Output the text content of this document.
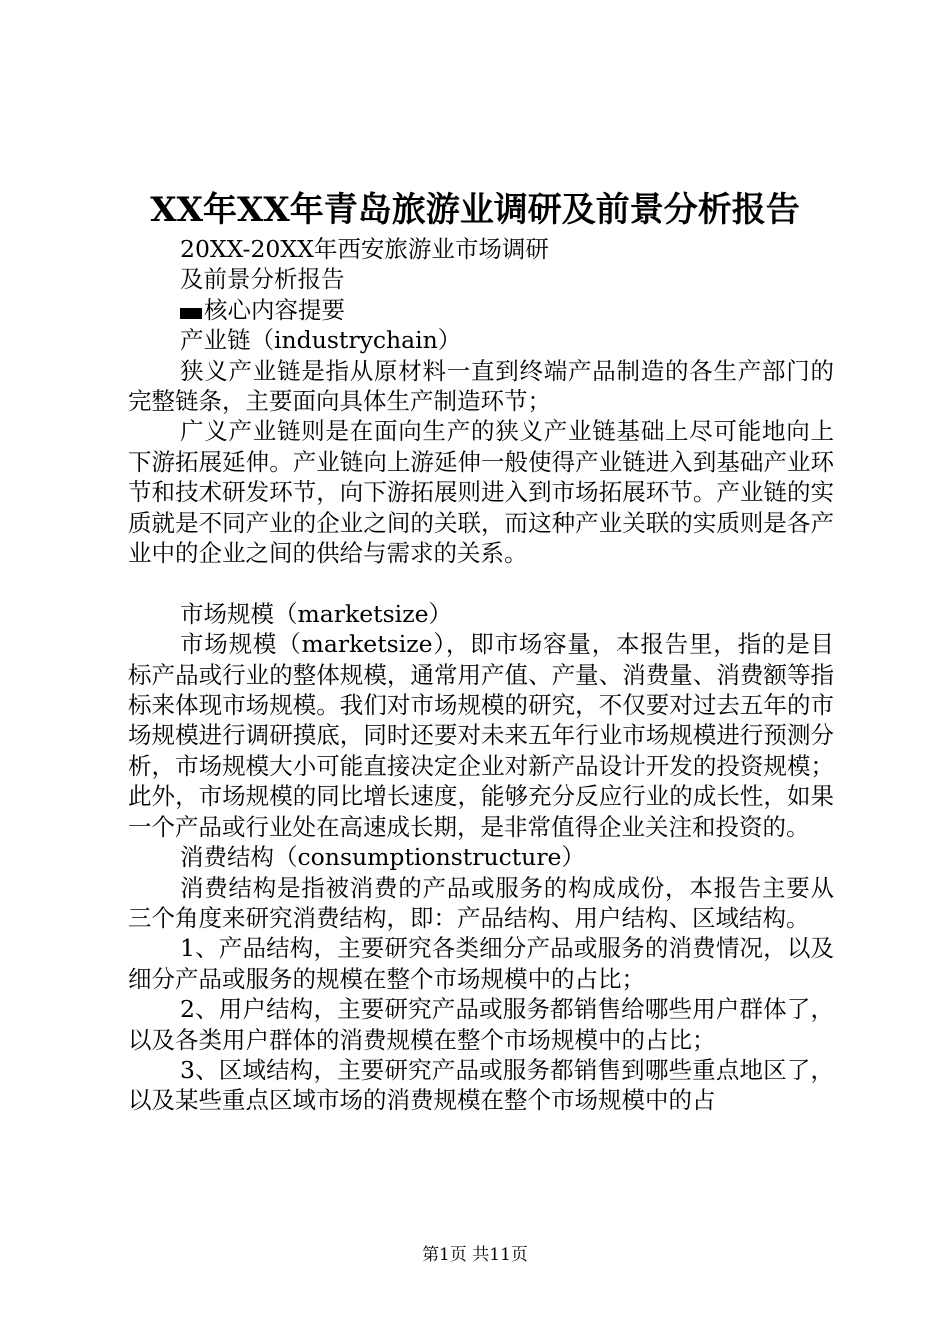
XX年XX年青岛旅游业调研及前景分析报告

20XX-20XX年西安旅游业市场调研

及前景分析报告

核心内容提要

产业链（industrychain）

狭义产业链是指从原材料一直到终端产品制造的各生产部门的完整链条，主要面向具体生产制造环节；

广义产业链则是在面向生产的狭义产业链基础上尽可能地向上下游拓展延伸。产业链向上游延伸一般使得产业链进入到基础产业环节和技术研发环节，向下游拓展则进入到市场拓展环节。产业链的实质就是不同产业的企业之间的关联，而这种产业关联的实质则是各产业中的企业之间的供给与需求的关系。

市场规模（marketsize）

市场规模（marketsize），即市场容量，本报告里，指的是目标产品或行业的整体规模，通常用产值、产量、消费量、消费额等指标来体现市场规模。我们对市场规模的研究，不仅要对过去五年的市场规模进行调研摸底，同时还要对未来五年行业市场规模进行预测分析，市场规模大小可能直接决定企业对新产品设计开发的投资规模；此外，市场规模的同比增长速度，能够充分反应行业的成长性，如果一个产品或行业处在高速成长期，是非常值得企业关注和投资的。

消费结构（consumptionstructure）

消费结构是指被消费的产品或服务的构成成份，本报告主要从三个角度来研究消费结构，即：产品结构、用户结构、区域结构。

1、产品结构，主要研究各类细分产品或服务的消费情况，以及细分产品或服务的规模在整个市场规模中的占比；

2、用户结构，主要研究产品或服务都销售给哪些用户群体了，以及各类用户群体的消费规模在整个市场规模中的占比；

3、区域结构，主要研究产品或服务都销售到哪些重点地区了，以及某些重点区域市场的消费规模在整个市场规模中的占

第1页 共11页
